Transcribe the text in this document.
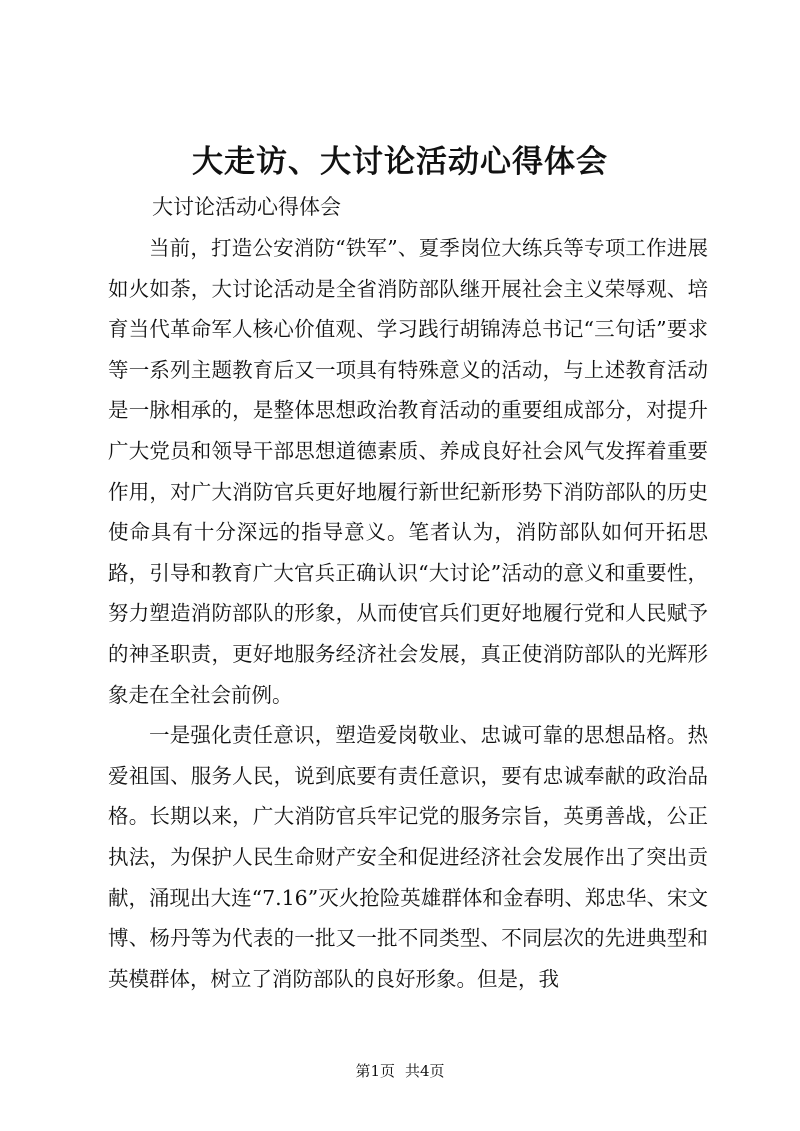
大走访、大讨论活动心得体会
大讨论活动心得体会

当前，打造公安消防“铁军”、夏季岗位大练兵等专项工作进展如火如荼，大讨论活动是全省消防部队继开展社会主义荣辱观、培育当代革命军人核心价值观、学习践行胡锦涛总书记“三句话”要求等一系列主题教育后又一项具有特殊意义的活动，与上述教育活动是一脉相承的，是整体思想政治教育活动的重要组成部分，对提升广大党员和领导干部思想道德素质、养成良好社会风气发挥着重要作用，对广大消防官兵更好地履行新世纪新形势下消防部队的历史使命具有十分深远的指导意义。笔者认为，消防部队如何开拓思路，引导和教育广大官兵正确认识“大讨论”活动的意义和重要性，努力塑造消防部队的形象，从而使官兵们更好地履行党和人民赋予的神圣职责，更好地服务经济社会发展，真正使消防部队的光辉形象走在全社会前例。

一是强化责任意识，塑造爱岗敬业、忠诚可靠的思想品格。热爱祖国、服务人民，说到底要有责任意识，要有忠诚奉献的政治品格。长期以来，广大消防官兵牢记党的服务宗旨，英勇善战，公正执法，为保护人民生命财产安全和促进经济社会发展作出了突出贡献，涌现出大连“7.16”灭火抢险英雄群体和金春明、郑忠华、宋文博、杨丹等为代表的一批又一批不同类型、不同层次的先进典型和英模群体，树立了消防部队的良好形象。但是，我

第1页 共4页
